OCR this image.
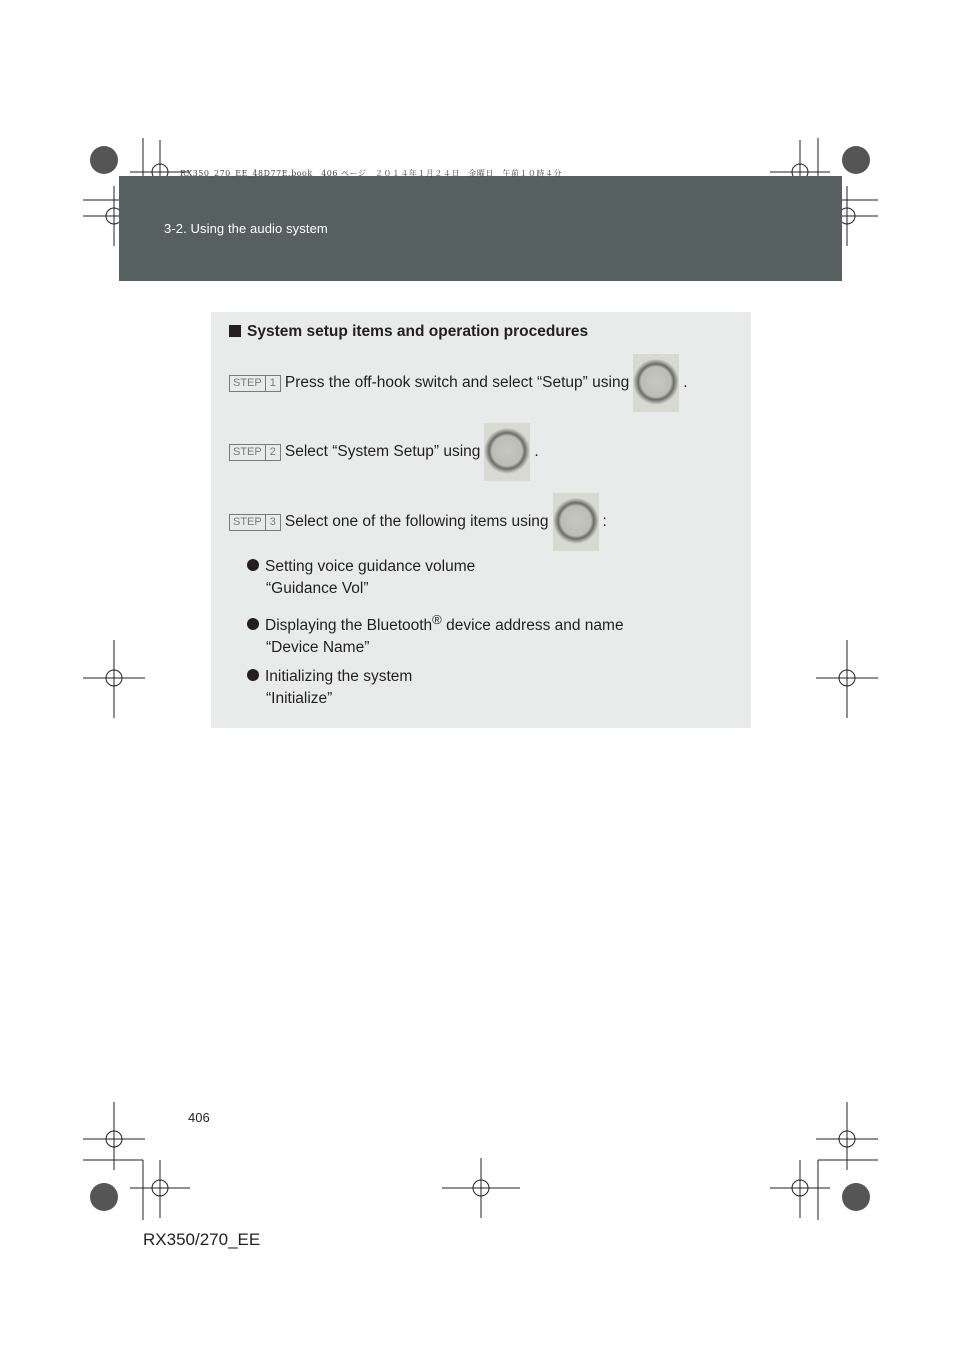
RX350_270_EE_48D77E.book　406 ページ　２０１４年１月２４日　金曜日　午前１０時４分
3-2. Using the audio system
System setup items and operation procedures
STEP 1 Press the off-hook switch and select “Setup” using	.
STEP 2 Select “System Setup” using	.
STEP 3 Select one of the following items using	:
Setting voice guidance volume
“Guidance Vol”
Displaying the Bluetooth® device address and name
“Device Name”
Initializing the system
“Initialize”
406
RX350/270_EE
